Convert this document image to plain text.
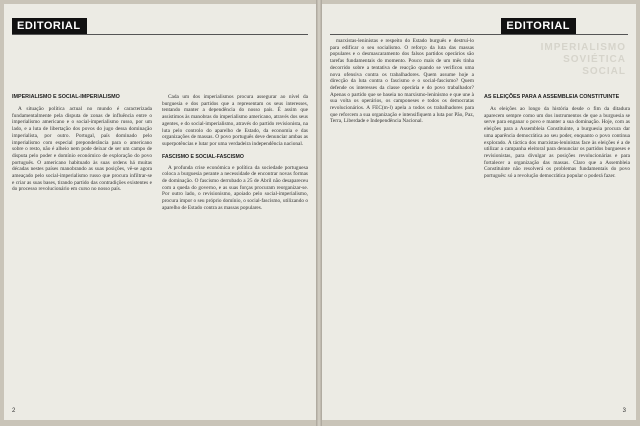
EDITORIAL
IMPERIALISMO E SOCIAL-IMPERIALISMO

A situação política actual no mundo é caracterizada fundamentalmente pela disputa de zonas de influência entre o imperialismo americano e o social-imperialismo russo, por um lado, e a luta de libertação dos povos do jugo dessa dominação imperialista, por outro. Portugal, país dominado pelo imperialismo com especial preponderância para o americano sobre o resto, não é alheio nem pode deixar de ser um campo de disputa pelo poder e domínio económico de exploração do povo português. O americano habituado às suas ordens há muitas décadas nestes países manobrando as suas posições, vê-se agora ameaçado pelo social-imperialismo russo que procura infiltrar-se e criar as suas bases, tirando partido das contradições existentes e do processo revolucionário em curso no nosso país.

Cada um dos imperialismos procura assegurar ao nível da burguesia e dos partidos que a representam os seus interesses, tentando manter a dependência do nosso país. É assim que assistimos às manobras do imperialismo americano, através dos seus agentes, e do social-imperialismo, através do partido revisionista, na luta pelo controlo do aparelho de Estado, da economia e das organizações de massas. O povo português deve denunciar ambas as superpotências e lutar por uma verdadeira independência nacional.

FASCISMO E SOCIAL-FASCISMO

A profunda crise económica e política da sociedade portuguesa coloca a burguesia perante a necessidade de encontrar novas formas de dominação. O fascismo derrubado a 25 de Abril não desapareceu com a queda do governo, e as suas forças procuram reorganizar-se. Por outro lado, o revisionismo, apoiado pelo social-imperialismo, procura impor o seu próprio domínio, o social-fascismo, utilizando o aparelho de Estado contra as massas populares.

2
EDITORIAL
IMPERIALISMO
SOVIÉTICA
SOCIAL

marxistas-leninistas e respeito do Estado burguês e destruí-lo para edificar o seu socialismo. O reforço da luta das massas populares e o desmascaramento dos falsos partidos operários são tarefas fundamentais do momento. Pouco mais de um mês tinha decorrido sobre a tentativa de reacção quando se verificou uma nova ofensiva contra os trabalhadores. Quem assume hoje a direcção da luta contra o fascismo e o social-fascismo? Quem defende os interesses da classe operária e do povo trabalhador? Apenas o partido que se baseia no marxismo-leninismo e que une à sua volta os operários, os camponeses e todos os democratas revolucionários. A FEC(m-l) apela a todos os trabalhadores para que reforcem a sua organização e intensifiquem a luta por Pão, Paz, Terra, Liberdade e Independência Nacional.

AS ELEIÇÕES PARA A ASSEMBLEIA CONSTITUINTE

As eleições ao longo da história desde o fim da ditadura aparecem sempre como um dos instrumentos de que a burguesia se serve para enganar o povo e manter a sua dominação. Hoje, com as eleições para a Assembleia Constituinte, a burguesia procura dar uma aparência democrática ao seu poder, enquanto o povo continua explorado. A táctica dos marxistas-leninistas face às eleições é a de utilizar a campanha eleitoral para denunciar os partidos burgueses e revisionistas, para divulgar as posições revolucionárias e para fortalecer a organização das massas. Claro que a Assembleia Constituinte não resolverá os problemas fundamentais do povo português: só a revolução democrática popular o poderá fazer.

3
